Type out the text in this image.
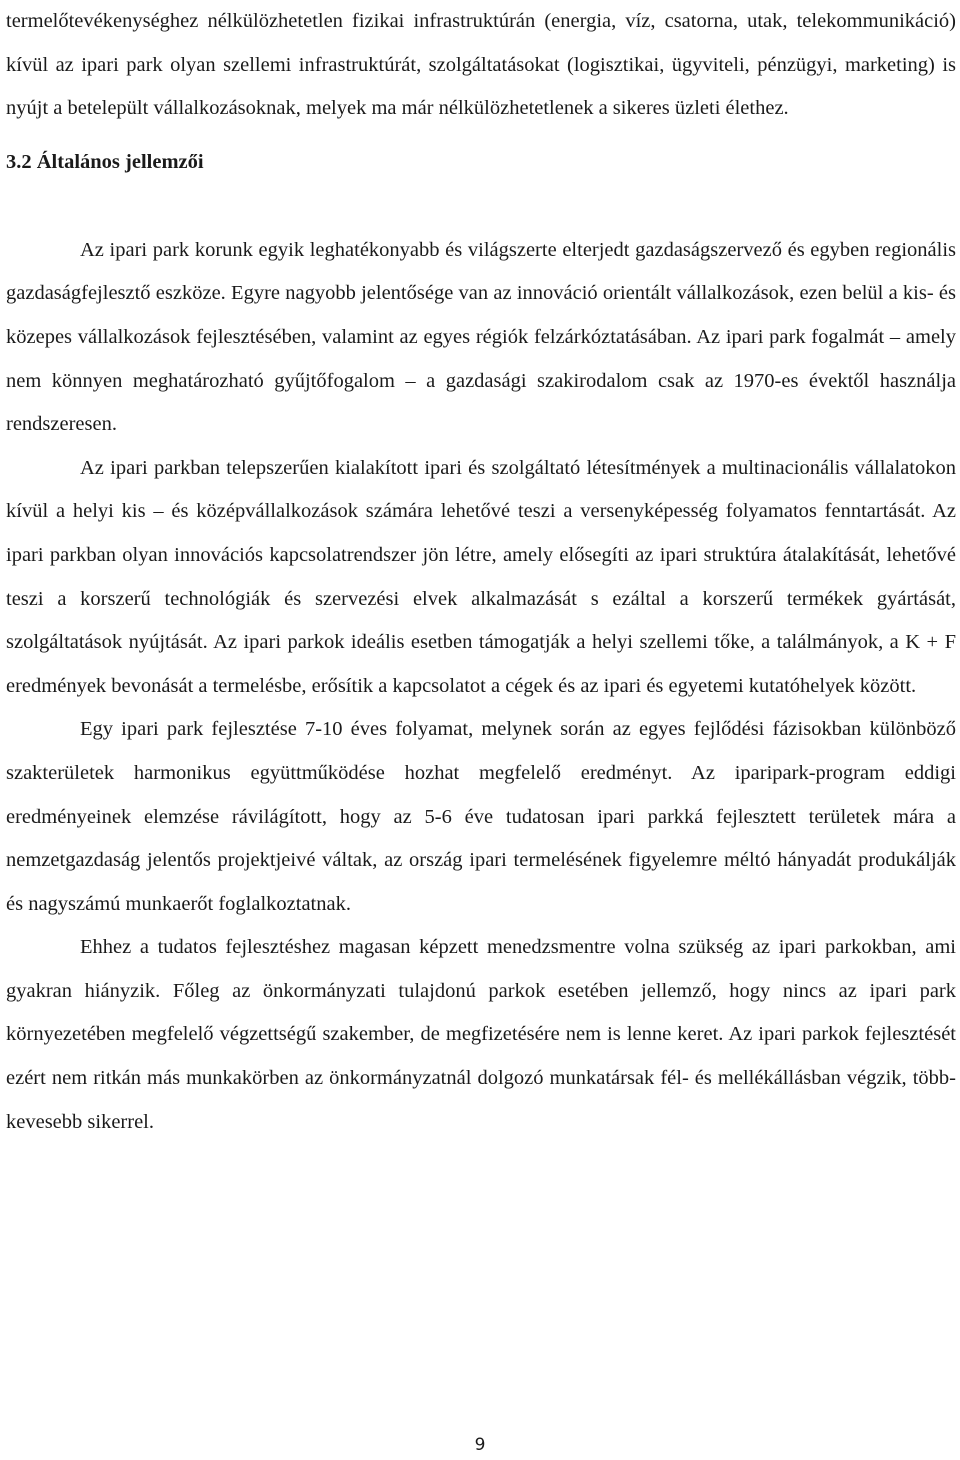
termelőtevékenységhez nélkülözhetetlen fizikai infrastruktúrán (energia, víz, csatorna, utak, telekommunikáció) kívül az ipari park olyan szellemi infrastruktúrát, szolgáltatásokat (logisztikai, ügyviteli, pénzügyi, marketing) is nyújt a betelepült vállalkozásoknak, melyek ma már nélkülözhetetlenek a sikeres üzleti élethez.

3.2 Általános jellemzői

Az ipari park korunk egyik leghatékonyabb és világszerte elterjedt gazdaságszervező és egyben regionális gazdaságfejlesztő eszköze. Egyre nagyobb jelentősége van az innováció orientált vállalkozások, ezen belül a kis- és közepes vállalkozások fejlesztésében, valamint az egyes régiók felzárkóztatásában. Az ipari park fogalmát – amely nem könnyen meghatározható gyűjtőfogalom – a gazdasági szakirodalom csak az 1970-es évektől használja rendszeresen.

Az ipari parkban telepszerűen kialakított ipari és szolgáltató létesítmények a multinacionális vállalatokon kívül a helyi kis – és középvállalkozások számára lehetővé teszi a versenyképesség folyamatos fenntartását. Az ipari parkban olyan innovációs kapcsolatrendszer jön létre, amely elősegíti az ipari struktúra átalakítását, lehetővé teszi a korszerű technológiák és szervezési elvek alkalmazását s ezáltal a korszerű termékek gyártását, szolgáltatások nyújtását. Az ipari parkok ideális esetben támogatják a helyi szellemi tőke, a találmányok, a K + F eredmények bevonását a termelésbe, erősítik a kapcsolatot a cégek és az ipari és egyetemi kutatóhelyek között.

Egy ipari park fejlesztése 7-10 éves folyamat, melynek során az egyes fejlődési fázisokban különböző szakterületek harmonikus együttműködése hozhat megfelelő eredményt. Az iparipark-program eddigi eredményeinek elemzése rávilágított, hogy az 5-6 éve tudatosan ipari parkká fejlesztett területek mára a nemzetgazdaság jelentős projektjeivé váltak, az ország ipari termelésének figyelemre méltó hányadát produkálják és nagyszámú munkaerőt foglalkoztatnak.

Ehhez a tudatos fejlesztéshez magasan képzett menedzsmentre volna szükség az ipari parkokban, ami gyakran hiányzik. Főleg az önkormányzati tulajdonú parkok esetében jellemző, hogy nincs az ipari park környezetében megfelelő végzettségű szakember, de megfizetésére nem is lenne keret. Az ipari parkok fejlesztését ezért nem ritkán más munkakörben az önkormányzatnál dolgozó munkatársak fél- és mellékállásban végzik, több-kevesebb sikerrel.

9
